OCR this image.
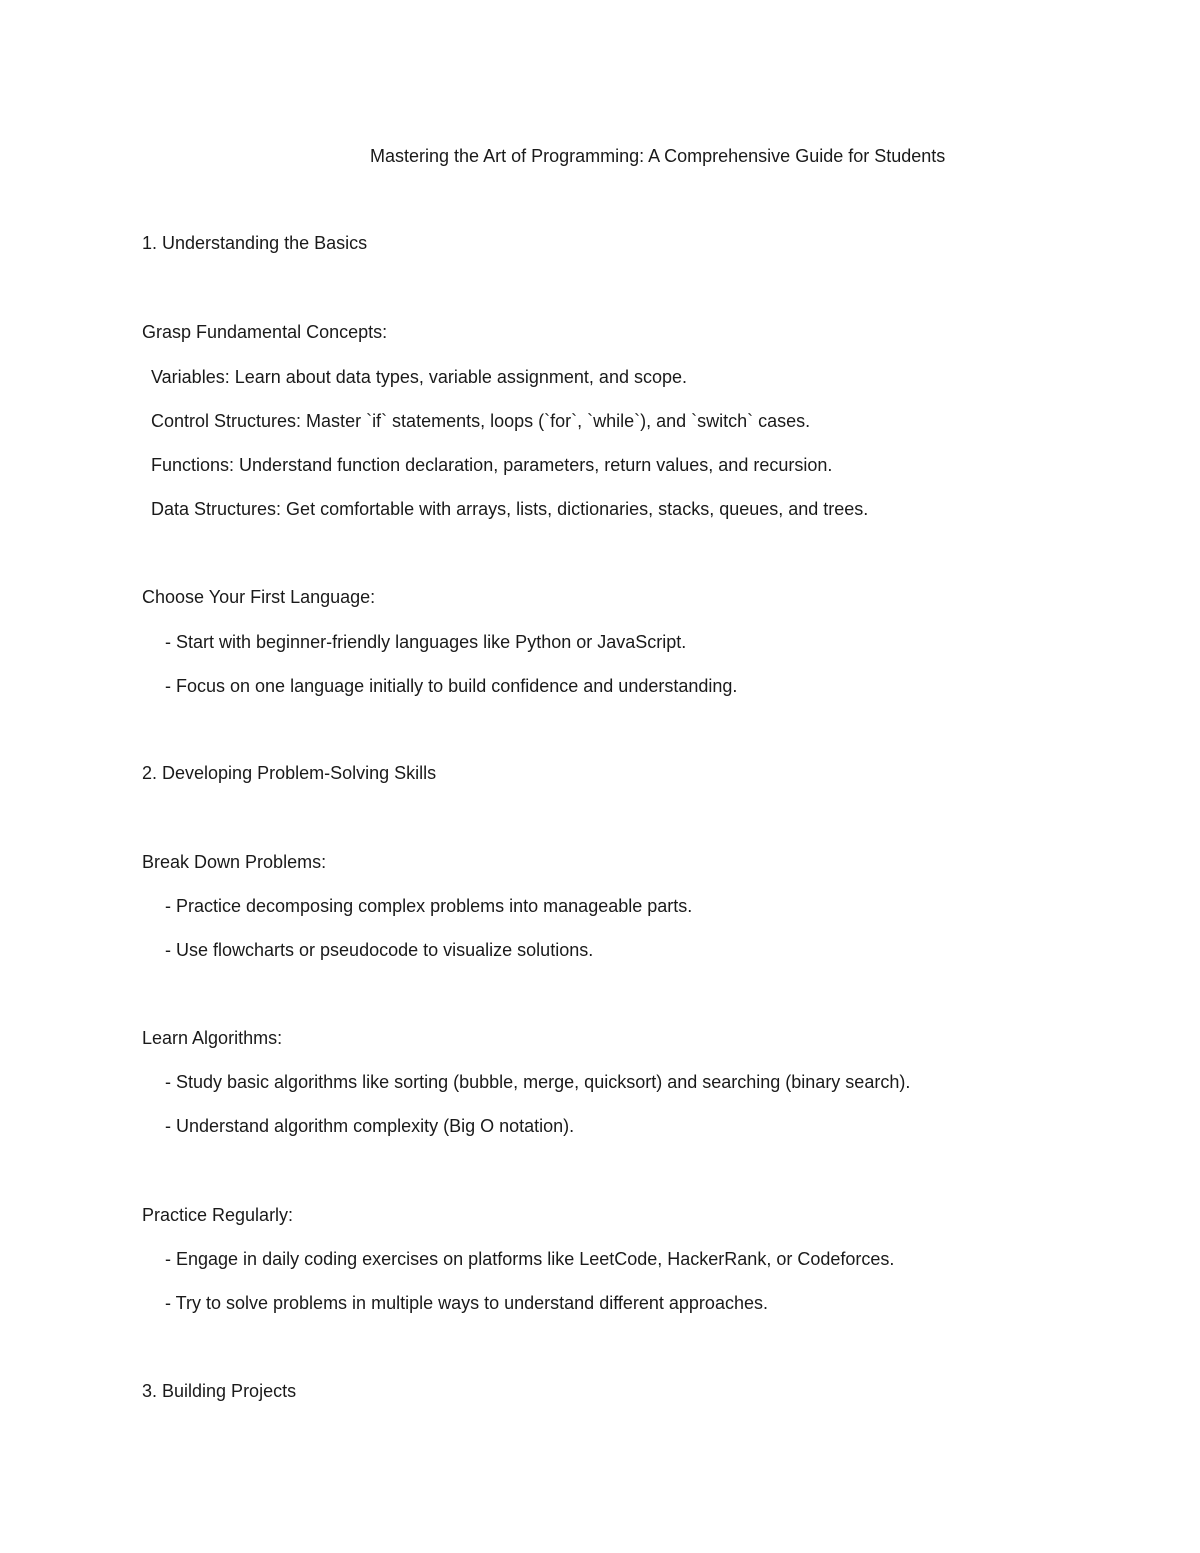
Mastering the Art of Programming: A Comprehensive Guide for Students
1. Understanding the Basics
Grasp Fundamental Concepts:
Variables: Learn about data types, variable assignment, and scope.
Control Structures: Master `if` statements, loops (`for`, `while`), and `switch` cases.
Functions: Understand function declaration, parameters, return values, and recursion.
Data Structures: Get comfortable with arrays, lists, dictionaries, stacks, queues, and trees.
Choose Your First Language:
- Start with beginner-friendly languages like Python or JavaScript.
- Focus on one language initially to build confidence and understanding.
2. Developing Problem-Solving Skills
Break Down Problems:
- Practice decomposing complex problems into manageable parts.
- Use flowcharts or pseudocode to visualize solutions.
Learn Algorithms:
- Study basic algorithms like sorting (bubble, merge, quicksort) and searching (binary search).
- Understand algorithm complexity (Big O notation).
Practice Regularly:
- Engage in daily coding exercises on platforms like LeetCode, HackerRank, or Codeforces.
- Try to solve problems in multiple ways to understand different approaches.
3. Building Projects
